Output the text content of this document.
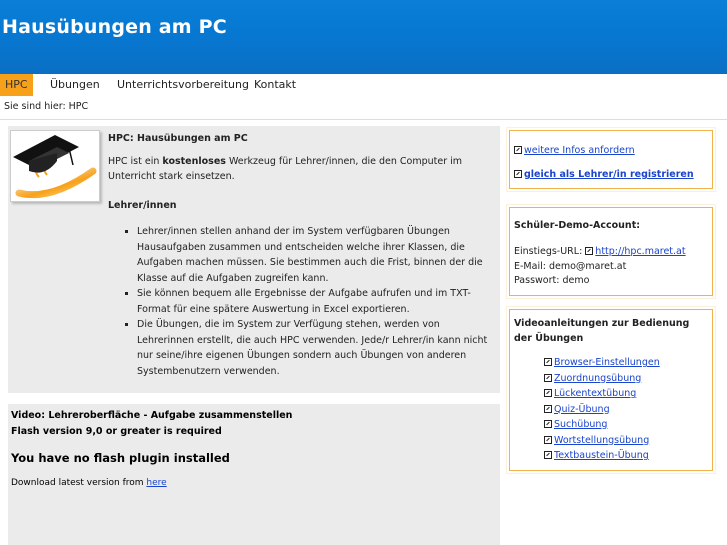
Hausübungen am PC
HPC	Übungen Unterrichtsvorbereitung Kontakt
Sie sind hier: HPC

HPC: Hausübungen am PC

HPC ist ein kostenloses Werkzeug für Lehrer/innen, die den Computer im Unterricht stark einsetzen.

Lehrer/innen

▪ Lehrer/innen stellen anhand der im System verfügbaren Übungen Hausaufgaben zusammen und entscheiden welche ihrer Klassen, die Aufgaben machen müssen. Sie bestimmen auch die Frist, binnen der die Klasse auf die Aufgaben zugreifen kann.
▪ Sie können bequem alle Ergebnisse der Aufgabe aufrufen und im TXT-Format für eine spätere Auswertung in Excel exportieren.
▪ Die Übungen, die im System zur Verfügung stehen, werden von Lehrerinnen erstellt, die auch HPC verwenden. Jede/r Lehrer/in kann nicht nur seine/ihre eigenen Übungen sondern auch Übungen von anderen Systembenutzern verwenden.
Video: Lehreroberfläche - Aufgabe zusammenstellen
Flash version 9,0 or greater is required
You have no flash plugin installed
Download latest version from here
weitere Infos anfordern
gleich als Lehrer/in registrieren
Schüler-Demo-Account:
Einstiegs-URL: http://hpc.maret.at
E-Mail: demo@maret.at
Passwort: demo
Videoanleitungen zur Bedienung der Übungen
Browser-Einstellungen
Zuordnungsübung
Lückentextübung
Quiz-Übung
Suchübung
Wortstellungsübung
Textbaustein-Übung
